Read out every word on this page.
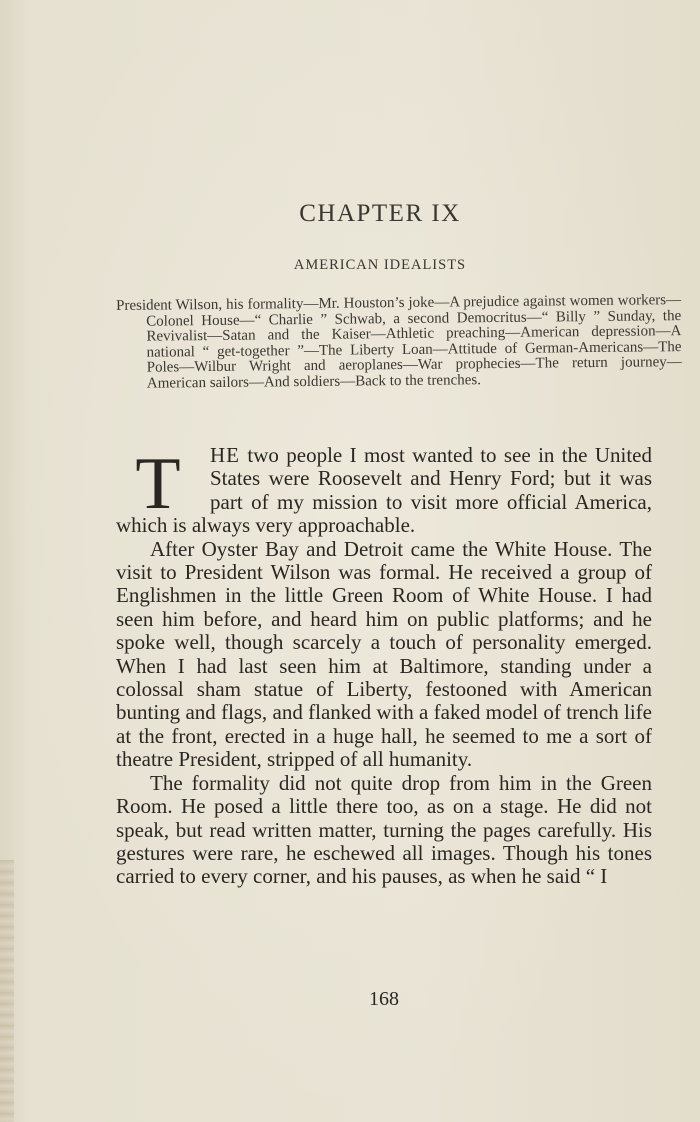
CHAPTER IX
AMERICAN IDEALISTS
President Wilson, his formality—Mr. Houston’s joke—A prejudice against women workers—Colonel House—“ Charlie ” Schwab, a second Democritus—“ Billy ” Sunday, the Revivalist—Satan and the Kaiser—Athletic preaching—American depression—A national “ get-together ”—The Liberty Loan—Attitude of German-Americans—The Poles—Wilbur Wright and aeroplanes—War prophecies—The return journey—American sailors—And soldiers—Back to the trenches.

T	HE two people I most wanted to see in the United States were Roosevelt and Henry Ford; but it was part of my mission to visit more official America, which is always very approachable.

After Oyster Bay and Detroit came the White House. The visit to President Wilson was formal. He received a group of Englishmen in the little Green Room of White House. I had seen him before, and heard him on public platforms; and he spoke well, though scarcely a touch of personality emerged. When I had last seen him at Baltimore, standing under a colossal sham statue of Liberty, festooned with American bunting and flags, and flanked with a faked model of trench life at the front, erected in a huge hall, he seemed to me a sort of theatre President, stripped of all humanity.

The formality did not quite drop from him in the Green Room. He posed a little there too, as on a stage. He did not speak, but read written matter, turning the pages carefully. His gestures were rare, he eschewed all images. Though his tones carried to every corner, and his pauses, as when he said “ I

168
